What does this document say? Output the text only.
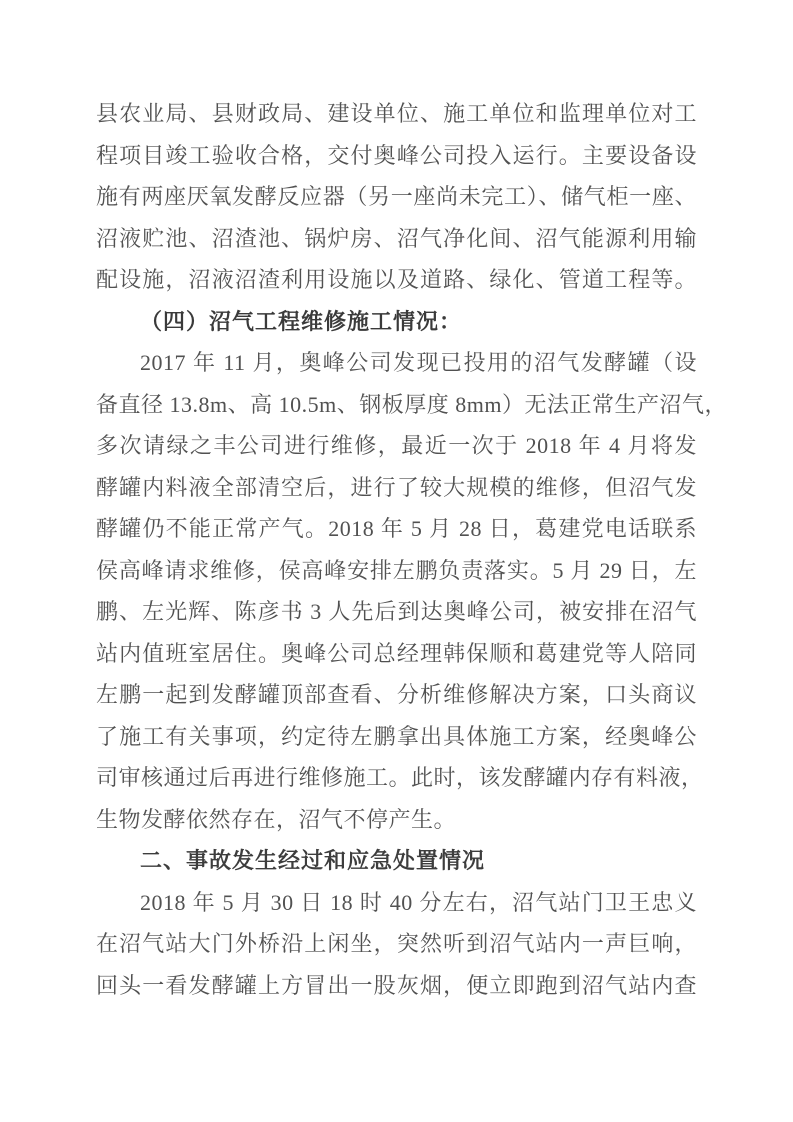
县农业局、县财政局、建设单位、施工单位和监理单位对工
程项目竣工验收合格，交付奥峰公司投入运行。主要设备设
施有两座厌氧发酵反应器（另一座尚未完工）、储气柜一座、
沼液贮池、沼渣池、锅炉房、沼气净化间、沼气能源利用输
配设施，沼液沼渣利用设施以及道路、绿化、管道工程等。
（四）沼气工程维修施工情况：
2017 年 11 月，奥峰公司发现已投用的沼气发酵罐（设
备直径 13.8m、高 10.5m、钢板厚度 8mm）无法正常生产沼气，
多次请绿之丰公司进行维修，最近一次于 2018 年 4 月将发
酵罐内料液全部清空后，进行了较大规模的维修，但沼气发
酵罐仍不能正常产气。2018 年 5 月 28 日，葛建党电话联系
侯高峰请求维修，侯高峰安排左鹏负责落实。5 月 29 日，左
鹏、左光辉、陈彦书 3 人先后到达奥峰公司，被安排在沼气
站内值班室居住。奥峰公司总经理韩保顺和葛建党等人陪同
左鹏一起到发酵罐顶部查看、分析维修解决方案，口头商议
了施工有关事项，约定待左鹏拿出具体施工方案，经奥峰公
司审核通过后再进行维修施工。此时，该发酵罐内存有料液，
生物发酵依然存在，沼气不停产生。
二、事故发生经过和应急处置情况
2018 年 5 月 30 日 18 时 40 分左右，沼气站门卫王忠义
在沼气站大门外桥沿上闲坐，突然听到沼气站内一声巨响，
回头一看发酵罐上方冒出一股灰烟，便立即跑到沼气站内查
